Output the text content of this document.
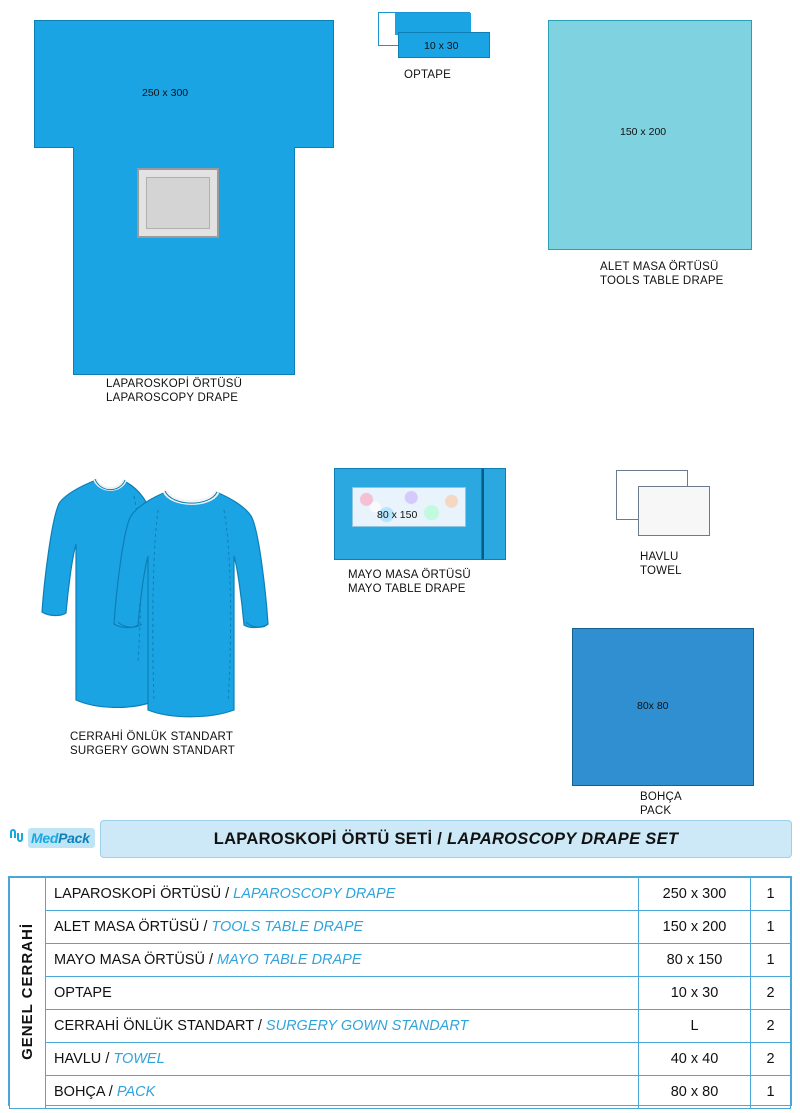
250 x 300
LAPAROSKOPİ ÖRTÜSÜ
LAPAROSCOPY DRAPE
10 x 30
OPTAPE
150 x 200
ALET MASA ÖRTÜSÜ
TOOLS TABLE DRAPE
CERRAHİ ÖNLÜK STANDART
SURGERY GOWN STANDART
80 x 150
MAYO MASA ÖRTÜSÜ
MAYO TABLE DRAPE
HAVLU
TOWEL
80x 80
BOHÇA
PACK
MedPack	LAPAROSKOPİ ÖRTÜ SETİ / LAPAROSCOPY DRAPE SET
GENEL CERRAHİ	LAPAROSKOPİ ÖRTÜSÜ / LAPAROSCOPY DRAPE	250 x 300	1
	ALET MASA ÖRTÜSÜ / TOOLS TABLE DRAPE	150 x 200	1
	MAYO MASA ÖRTÜSÜ / MAYO TABLE DRAPE	80 x 150	1
	OPTAPE	10 x 30	2
	CERRAHİ ÖNLÜK STANDART / SURGERY GOWN STANDART	L	2
	HAVLU / TOWEL	40 x 40	2
	BOHÇA / PACK	80 x 80	1
